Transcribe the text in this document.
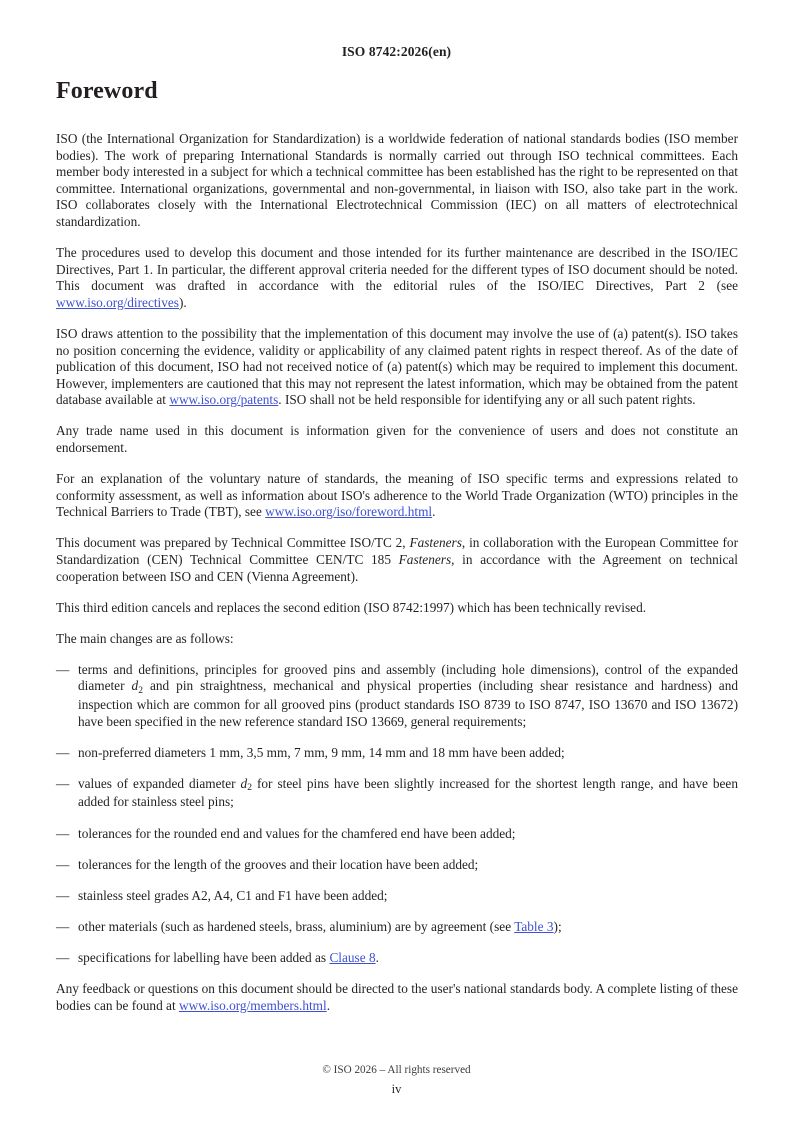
ISO 8742:2026(en)
Foreword

ISO (the International Organization for Standardization) is a worldwide federation of national standards bodies (ISO member bodies). The work of preparing International Standards is normally carried out through ISO technical committees. Each member body interested in a subject for which a technical committee has been established has the right to be represented on that committee. International organizations, governmental and non-governmental, in liaison with ISO, also take part in the work. ISO collaborates closely with the International Electrotechnical Commission (IEC) on all matters of electrotechnical standardization.

The procedures used to develop this document and those intended for its further maintenance are described in the ISO/IEC Directives, Part 1. In particular, the different approval criteria needed for the different types of ISO document should be noted. This document was drafted in accordance with the editorial rules of the ISO/IEC Directives, Part 2 (see www.iso.org/directives).

ISO draws attention to the possibility that the implementation of this document may involve the use of (a) patent(s). ISO takes no position concerning the evidence, validity or applicability of any claimed patent rights in respect thereof. As of the date of publication of this document, ISO had not received notice of (a) patent(s) which may be required to implement this document. However, implementers are cautioned that this may not represent the latest information, which may be obtained from the patent database available at www.iso.org/patents. ISO shall not be held responsible for identifying any or all such patent rights.

Any trade name used in this document is information given for the convenience of users and does not constitute an endorsement.

For an explanation of the voluntary nature of standards, the meaning of ISO specific terms and expressions related to conformity assessment, as well as information about ISO's adherence to the World Trade Organization (WTO) principles in the Technical Barriers to Trade (TBT), see www.iso.org/iso/foreword.html.

This document was prepared by Technical Committee ISO/TC 2, Fasteners, in collaboration with the European Committee for Standardization (CEN) Technical Committee CEN/TC 185 Fasteners, in accordance with the Agreement on technical cooperation between ISO and CEN (Vienna Agreement).

This third edition cancels and replaces the second edition (ISO 8742:1997) which has been technically revised.

The main changes are as follows:

— terms and definitions, principles for grooved pins and assembly (including hole dimensions), control of the expanded diameter $d_2$ and pin straightness, mechanical and physical properties (including shear resistance and hardness) and inspection which are common for all grooved pins (product standards ISO 8739 to ISO 8747, ISO 13670 and ISO 13672) have been specified in the new reference standard ISO 13669, general requirements;
— non-preferred diameters 1 mm, 3,5 mm, 7 mm, 9 mm, 14 mm and 18 mm have been added;
— values of expanded diameter $d_2$ for steel pins have been slightly increased for the shortest length range, and have been added for stainless steel pins;
— tolerances for the rounded end and values for the chamfered end have been added;
— tolerances for the length of the grooves and their location have been added;
— stainless steel grades A2, A4, C1 and F1 have been added;
— other materials (such as hardened steels, brass, aluminium) are by agreement (see Table 3);
— specifications for labelling have been added as Clause 8.

Any feedback or questions on this document should be directed to the user's national standards body. A complete listing of these bodies can be found at www.iso.org/members.html.

© ISO 2026 – All rights reserved
iv
